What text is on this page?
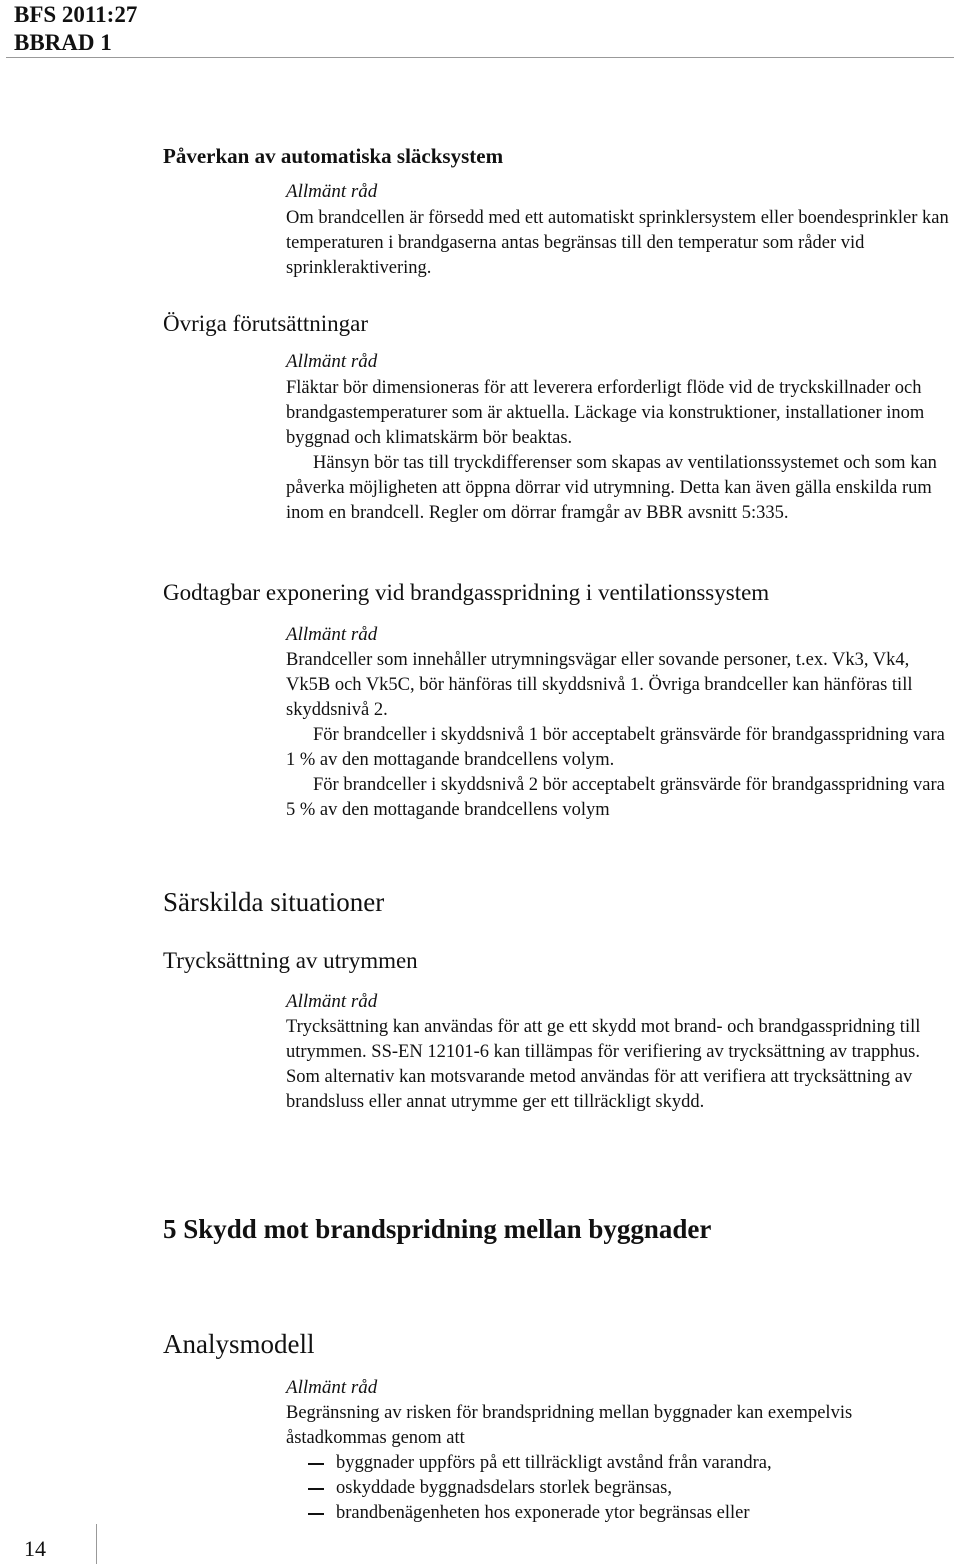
BFS 2011:27
BBRAD 1
Påverkan av automatiska släcksystem
Allmänt råd

Om brandcellen är försedd med ett automatiskt sprinklersystem eller boendesprinkler kan temperaturen i brandgaserna antas begränsas till den temperatur som råder vid sprinkleraktivering.

Övriga förutsättningar
Allmänt råd

Fläktar bör dimensioneras för att leverera erforderligt flöde vid de tryckskillnader och brandgastemperaturer som är aktuella. Läckage via konstruktioner, installationer inom byggnad och klimatskärm bör beaktas.

Hänsyn bör tas till tryckdifferenser som skapas av ventilationssystemet och som kan påverka möjligheten att öppna dörrar vid utrymning. Detta kan även gälla enskilda rum inom en brandcell. Regler om dörrar framgår av BBR avsnitt 5:335.

Godtagbar exponering vid brandgasspridning i ventilationssystem
Allmänt råd

Brandceller som innehåller utrymningsvägar eller sovande personer, t.ex. Vk3, Vk4, Vk5B och Vk5C, bör hänföras till skyddsnivå 1. Övriga brandceller kan hänföras till skyddsnivå 2.

För brandceller i skyddsnivå 1 bör acceptabelt gränsvärde för brandgasspridning vara 1 % av den mottagande brandcellens volym.

För brandceller i skyddsnivå 2 bör acceptabelt gränsvärde för brandgasspridning vara 5 % av den mottagande brandcellens volym

Särskilda situationer
Trycksättning av utrymmen
Allmänt råd

Trycksättning kan användas för att ge ett skydd mot brand- och brandgasspridning till utrymmen. SS-EN 12101-6 kan tillämpas för verifiering av trycksättning av trapphus. Som alternativ kan motsvarande metod användas för att verifiera att trycksättning av brandsluss eller annat utrymme ger ett tillräckligt skydd.

5 Skydd mot brandspridning mellan byggnader
Analysmodell
Allmänt råd

Begränsning av risken för brandspridning mellan byggnader kan exempelvis åstadkommas genom att

byggnader uppförs på ett tillräckligt avstånd från varandra,
oskyddade byggnadsdelars storlek begränsas,
brandbenägenheten hos exponerade ytor begränsas eller
14
